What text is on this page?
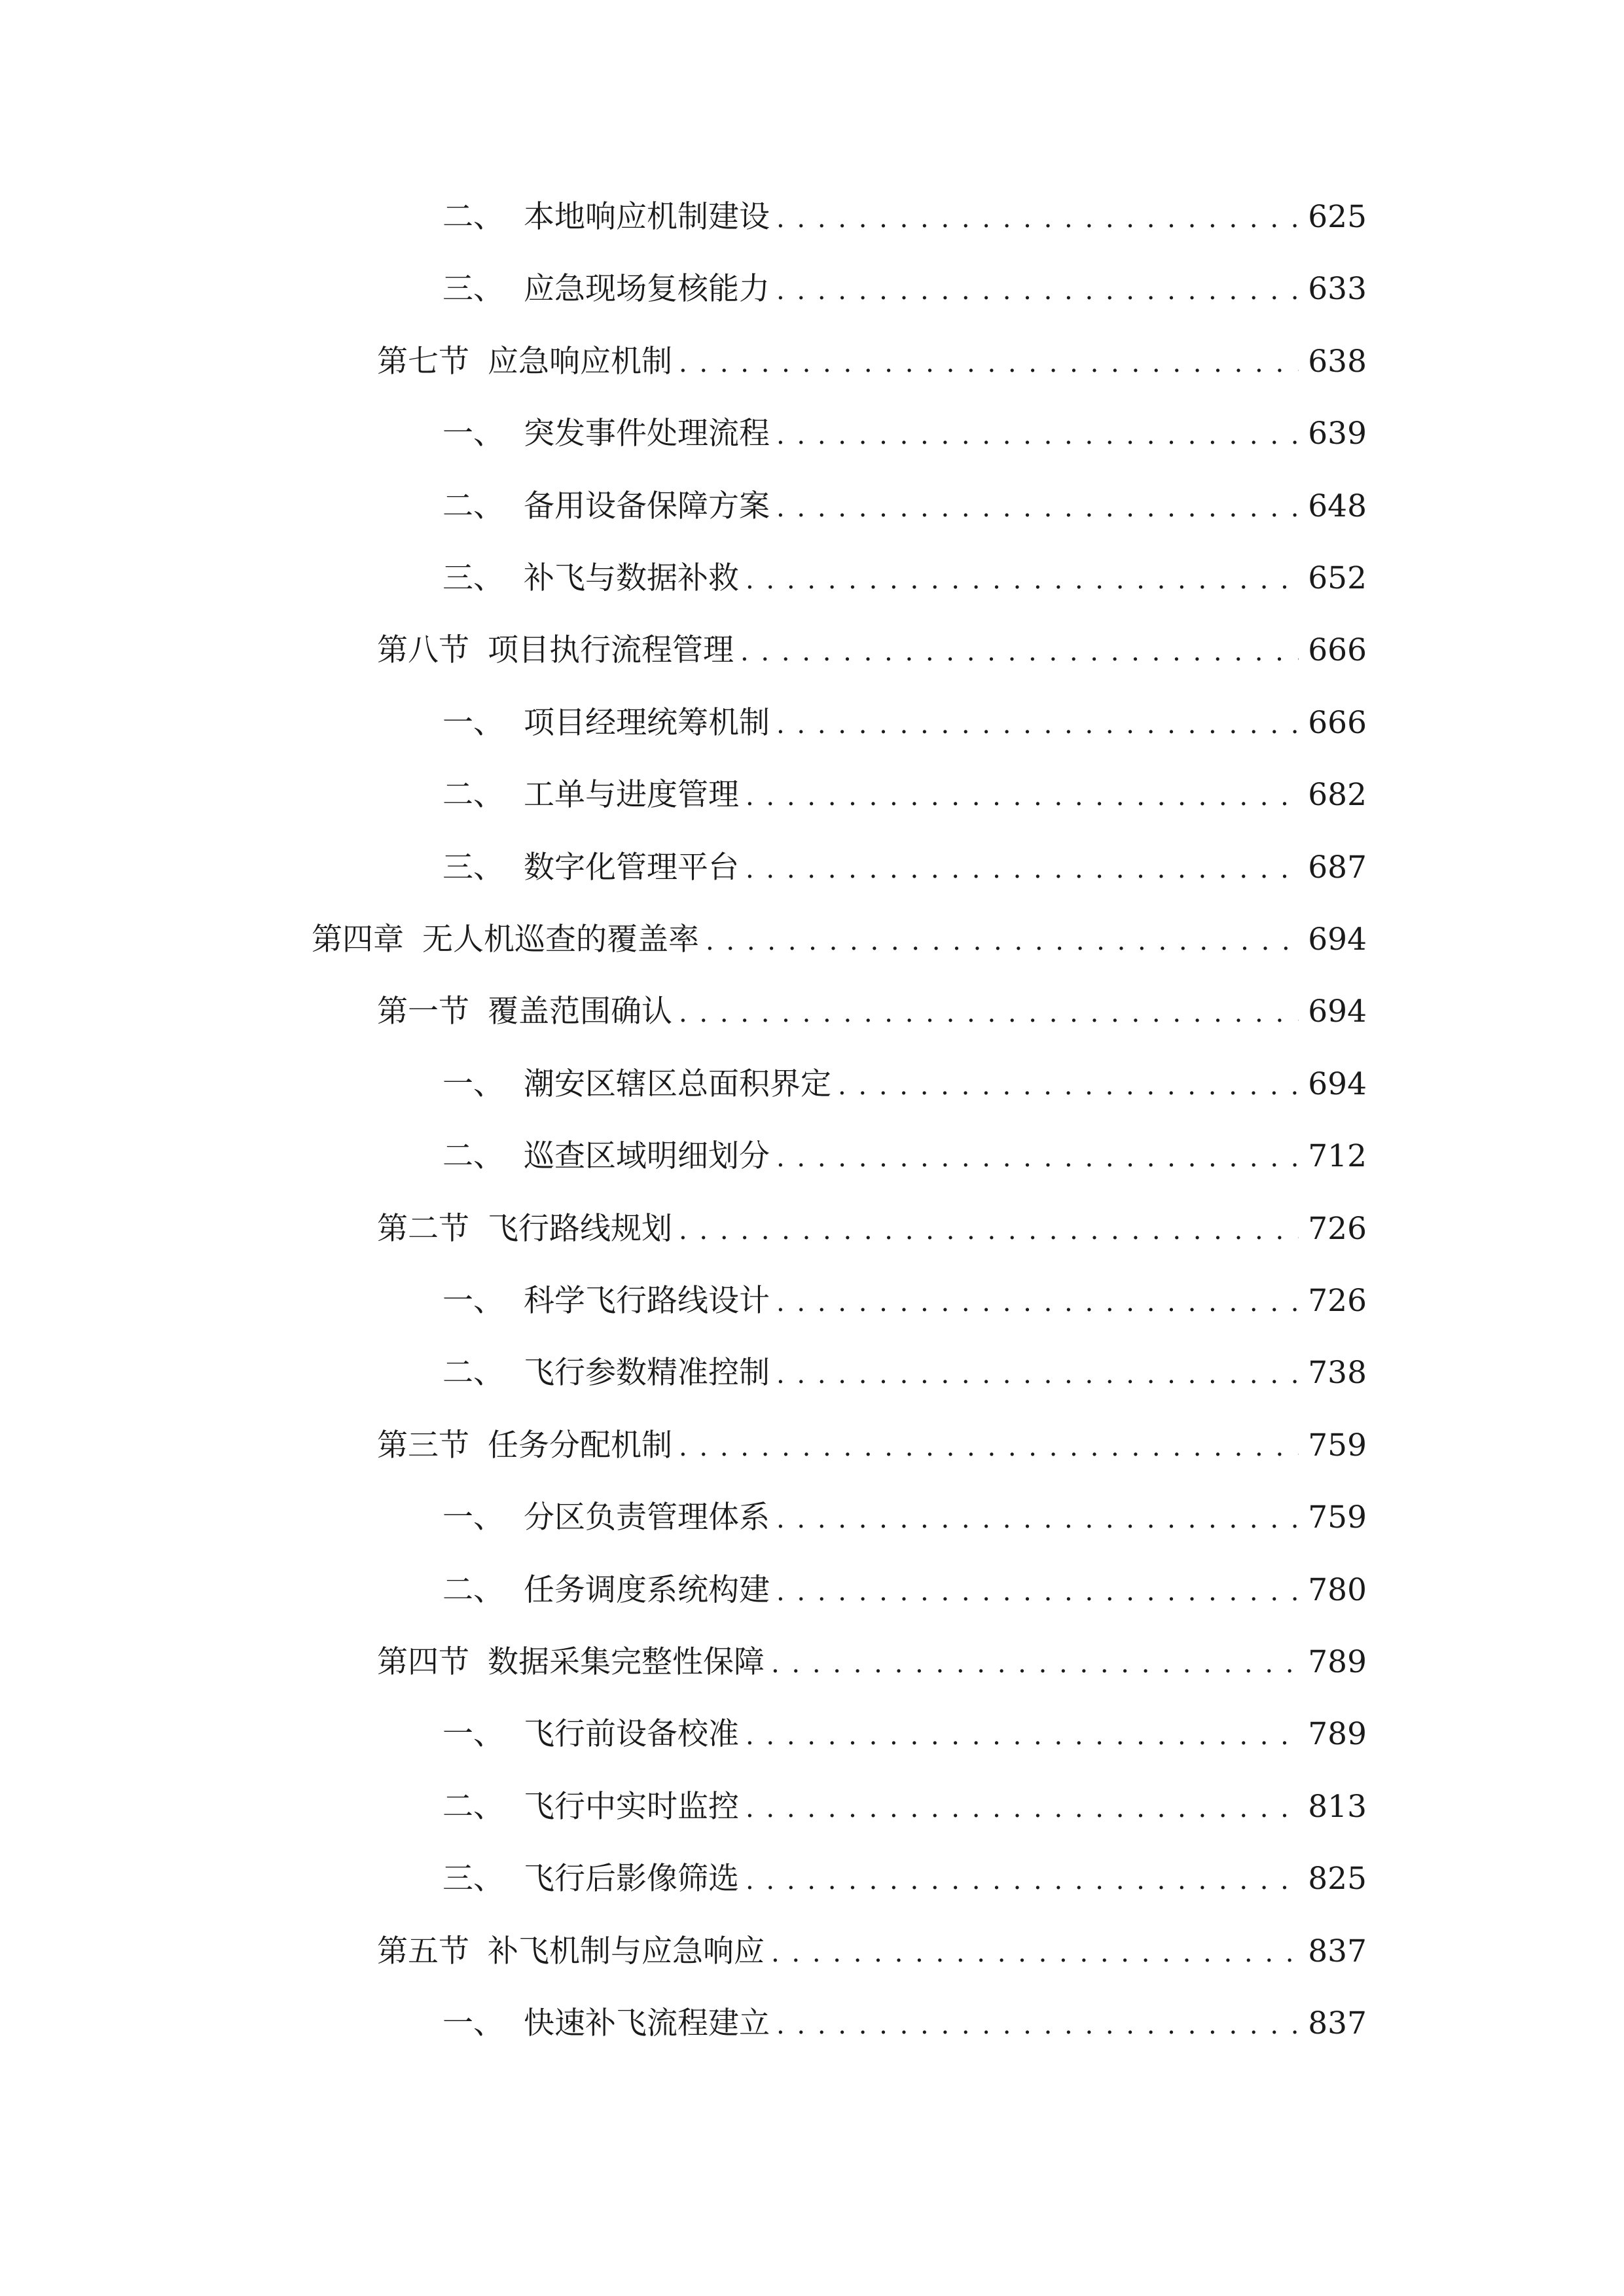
二、 本地响应机制建设 . . .	625
三、 应急现场复核能力 . . .	633
第七节 应急响应机制 . . .	638
一、 突发事件处理流程 . . .	639
二、 备用设备保障方案 . . .	648
三、 补飞与数据补救 . . .	652
第八节 项目执行流程管理 . . .	666
一、 项目经理统筹机制 . . .	666
二、 工单与进度管理 . . .	682
三、 数字化管理平台 . . .	687
第四章 无人机巡查的覆盖率 . . .	694
第一节 覆盖范围确认 . . .	694
一、 潮安区辖区总面积界定 . . .	694
二、 巡查区域明细划分 . . .	712
第二节 飞行路线规划 . . .	726
一、 科学飞行路线设计 . . .	726
二、 飞行参数精准控制 . . .	738
第三节 任务分配机制 . . .	759
一、 分区负责管理体系 . . .	759
二、 任务调度系统构建 . . .	780
第四节 数据采集完整性保障 . . .	789
一、 飞行前设备校准 . . .	789
二、 飞行中实时监控 . . .	813
三、 飞行后影像筛选 . . .	825
第五节 补飞机制与应急响应 . . .	837
一、 快速补飞流程建立 . . .	837
